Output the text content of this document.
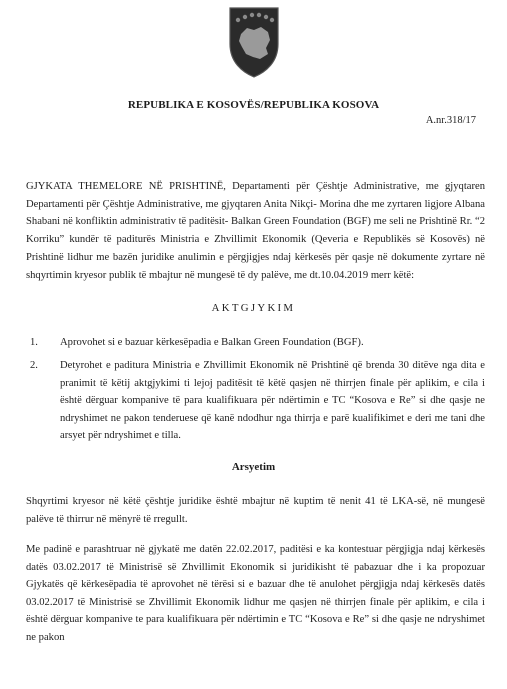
REPUBLIKA E KOSOVËS/REPUBLIKA KOSOVA
A.nr.318/17
GJYKATA THEMELORE NË PRISHTINË, Departamenti për Çështje Administrative, me gjyqtaren Departamenti për Çështje Administrative, me gjyqtaren Anita Nikçi- Morina dhe me zyrtaren ligjore Albana Shabani në konfliktin administrativ të paditësit- Balkan Green Foundation (BGF) me seli ne Prishtinë Rr. “2 Korriku” kundër të paditurës Ministria e Zhvillimit Ekonomik (Qeveria e Republikës së Kosovës) në Prishtinë lidhur me bazën juridike anulimin e përgjigjes ndaj kërkesës për qasje në dokumente zyrtare në shqyrtimin kryesor publik të mbajtur në mungesë të dy palëve, me dt.10.04.2019 merr këtë:
AKTGJYKIM
1. Aprovohet si e bazuar kërkesëpadia e Balkan Green Foundation (BGF).
2. Detyrohet e paditura Ministria e Zhvillimit Ekonomik në Prishtinë që brenda 30 ditëve nga dita e pranimit të këtij aktgjykimi ti lejoj paditësit të këtë qasjen në thirrjen finale për aplikim, e cila i është dërguar kompanive të para kualifikuara për ndërtimin e TC “Kosova e Re” si dhe qasje ne ndryshimet ne pakon tenderuese që kanë ndodhur nga thirrja e parë kualifikimet e deri me tani dhe arsyet për ndryshimet e tilla.
Arsyetim
Shqyrtimi kryesor në këtë çështje juridike është mbajtur në kuptim të nenit 41 të LKA-së, në mungesë palëve të thirrur në mënyrë të rregullt.
Me padinë e parashtruar në gjykatë me datën 22.02.2017, paditësi e ka kontestuar përgjigja ndaj kërkesës datës 03.02.2017 të Ministrisë së Zhvillimit Ekonomik si juridikisht të pabazuar dhe i ka propozuar Gjykatës që kërkesëpadia të aprovohet në tërësi si e bazuar dhe të anulohet përgjigja ndaj kërkesës datës 03.02.2017 të Ministrisë se Zhvillimit Ekonomik lidhur me qasjen në thirrjen finale për aplikim, e cila i është dërguar kompanive te para kualifikuara për ndërtimin e TC “Kosova e Re” si dhe qasje ne ndryshimet ne pakon
